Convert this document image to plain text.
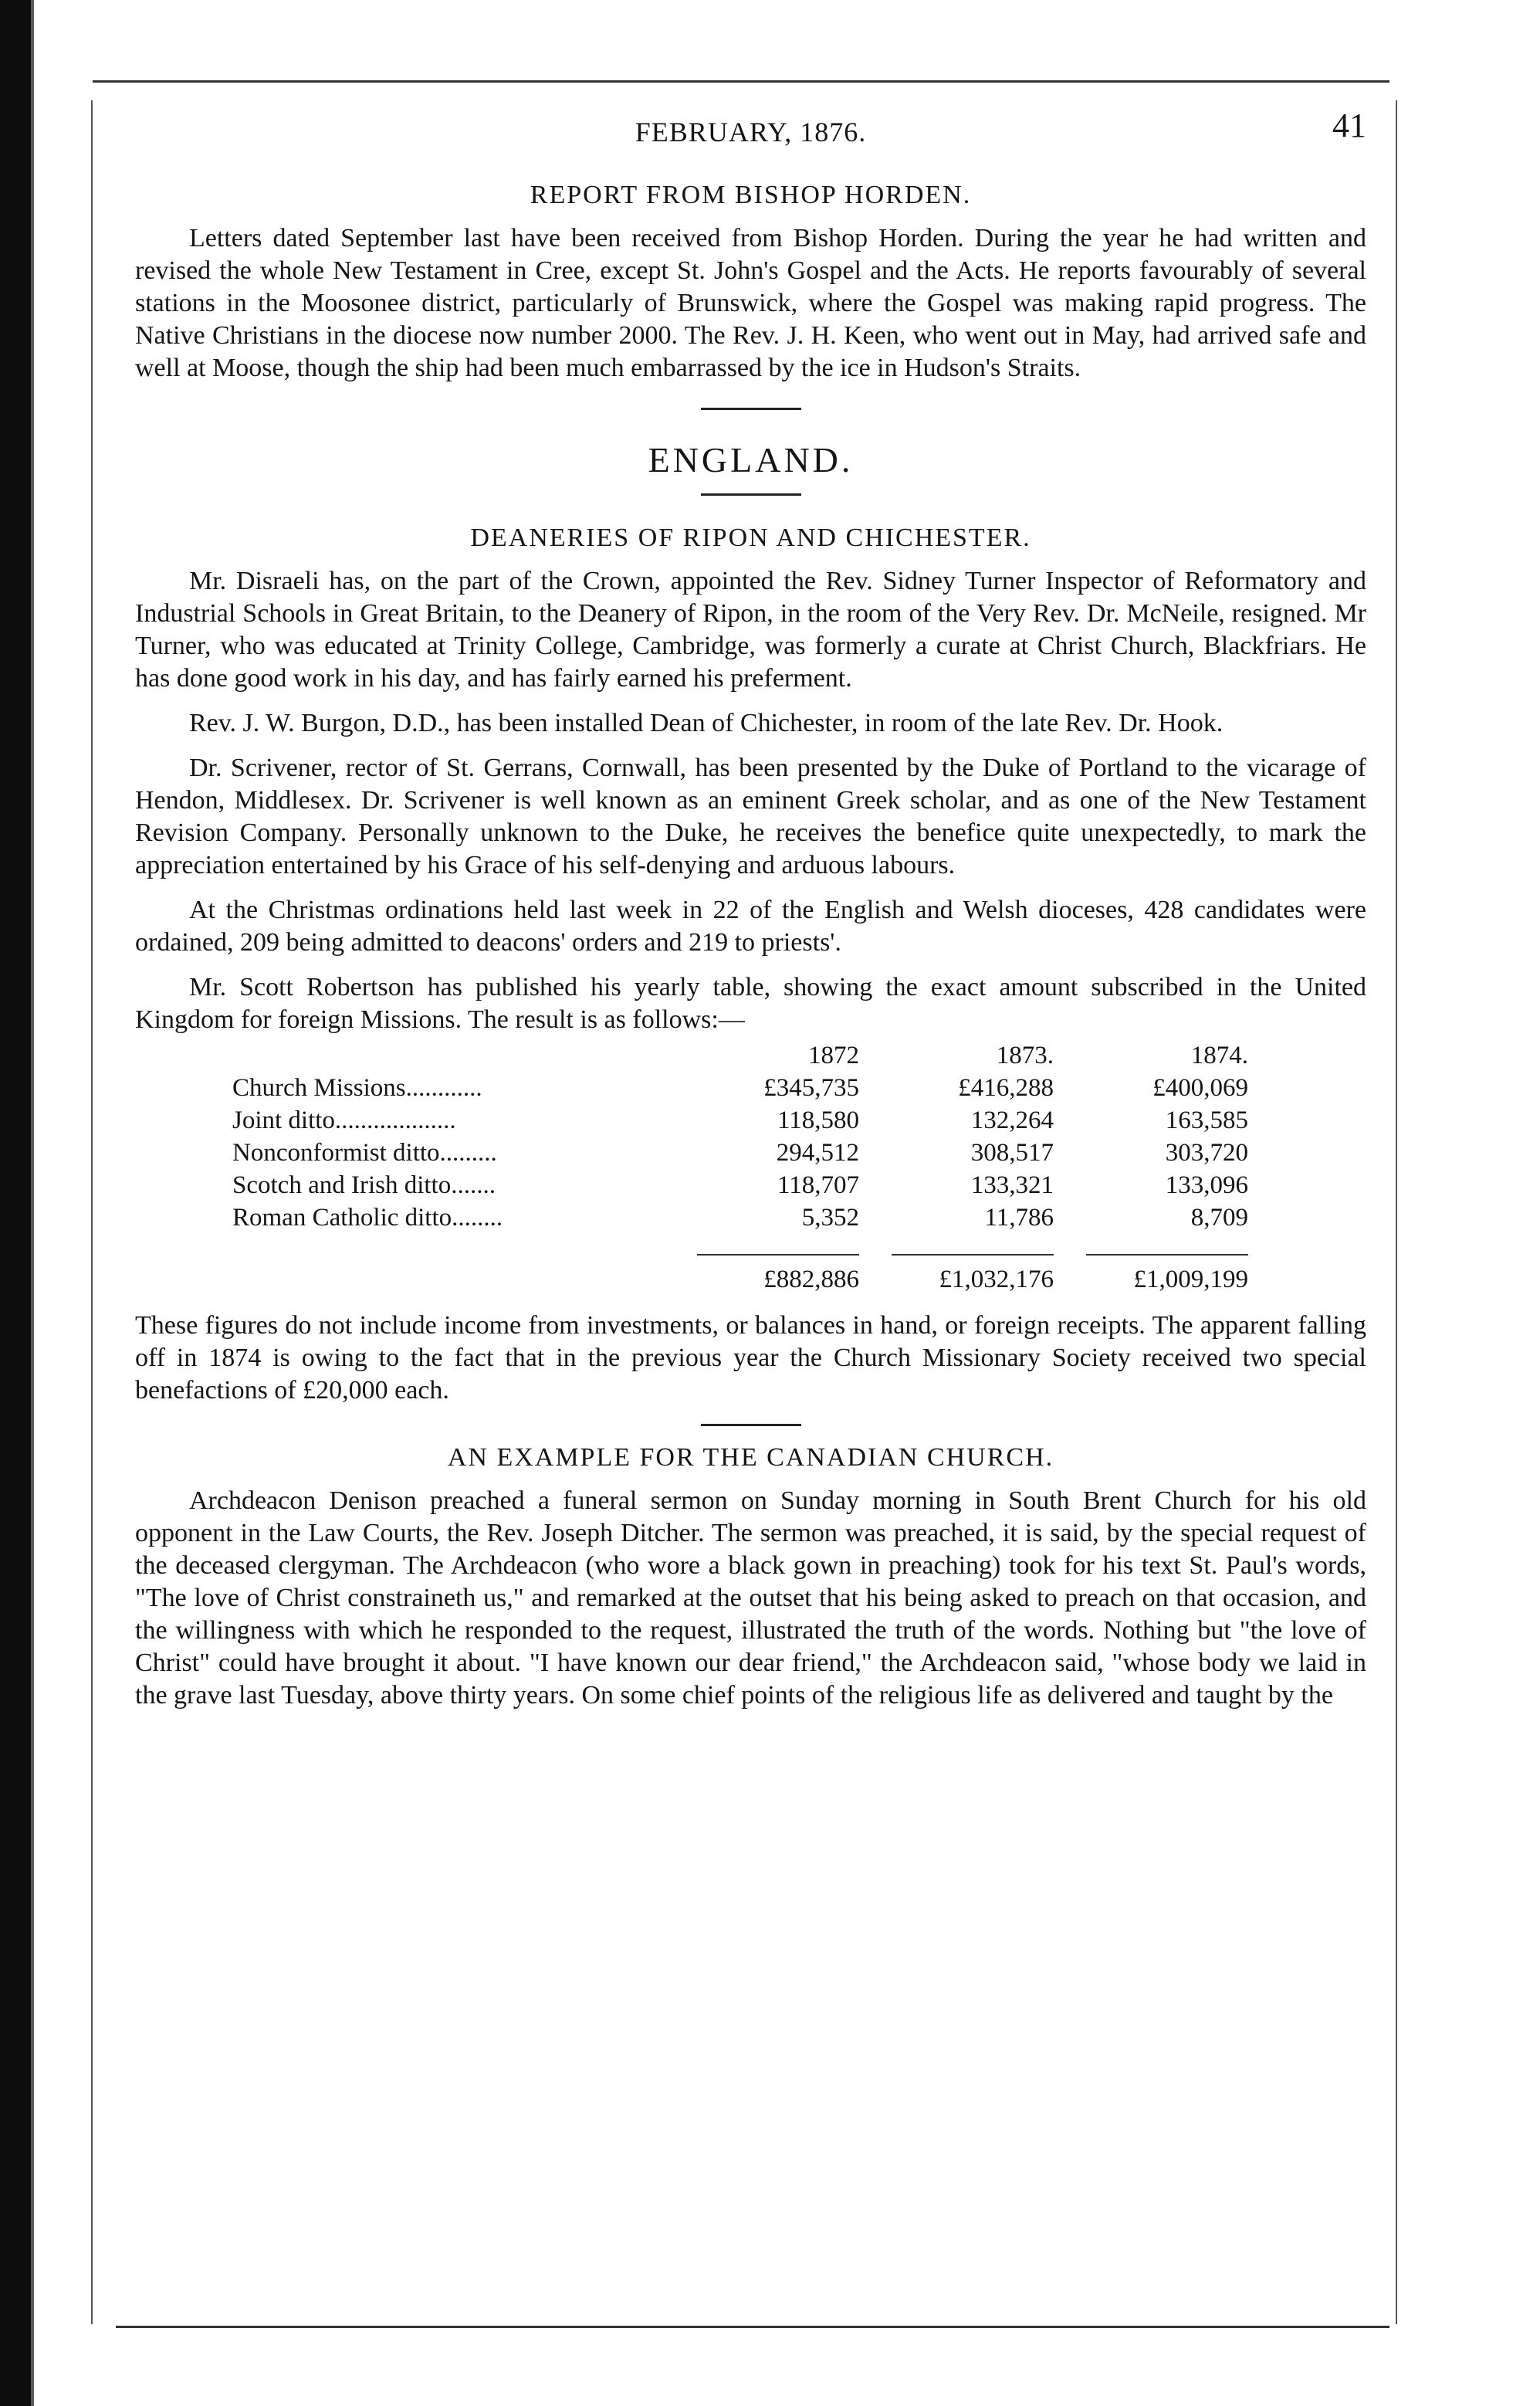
FEBRUARY, 1876.	41
REPORT FROM BISHOP HORDEN.

Letters dated September last have been received from Bishop Horden. During the year he had written and revised the whole New Testament in Cree, except St. John's Gospel and the Acts. He reports favourably of several stations in the Moosonee district, particularly of Brunswick, where the Gospel was making rapid progress. The Native Christians in the diocese now number 2000. The Rev. J. H. Keen, who went out in May, had arrived safe and well at Moose, though the ship had been much embarrassed by the ice in Hudson's Straits.

ENGLAND.
DEANERIES OF RIPON AND CHICHESTER.

Mr. Disraeli has, on the part of the Crown, appointed the Rev. Sidney Turner Inspector of Reformatory and Industrial Schools in Great Britain, to the Deanery of Ripon, in the room of the Very Rev. Dr. McNeile, resigned. Mr Turner, who was educated at Trinity College, Cambridge, was formerly a curate at Christ Church, Blackfriars. He has done good work in his day, and has fairly earned his preferment.

Rev. J. W. Burgon, D.D., has been installed Dean of Chichester, in room of the late Rev. Dr. Hook.

Dr. Scrivener, rector of St. Gerrans, Cornwall, has been presented by the Duke of Portland to the vicarage of Hendon, Middlesex. Dr. Scrivener is well known as an eminent Greek scholar, and as one of the New Testament Revision Company. Personally unknown to the Duke, he receives the benefice quite unexpectedly, to mark the appreciation entertained by his Grace of his self-denying and arduous labours.

At the Christmas ordinations held last week in 22 of the English and Welsh dioceses, 428 candidates were ordained, 209 being admitted to deacons' orders and 219 to priests'.

Mr. Scott Robertson has published his yearly table, showing the exact amount subscribed in the United Kingdom for foreign Missions. The result is as follows:—

	1872	1873.	1874.
Church Missions............	£345,735	£416,288	£400,069
Joint ditto...................	118,580	132,264	163,585
Nonconformist ditto.........	294,512	308,517	303,720
Scotch and Irish ditto.......	118,707	133,321	133,096
Roman Catholic ditto........	5,352	11,786	8,709
	£882,886	£1,032,176	£1,009,199

These figures do not include income from investments, or balances in hand, or foreign receipts. The apparent falling off in 1874 is owing to the fact that in the previous year the Church Missionary Society received two special benefactions of £20,000 each.

AN EXAMPLE FOR THE CANADIAN CHURCH.

Archdeacon Denison preached a funeral sermon on Sunday morning in South Brent Church for his old opponent in the Law Courts, the Rev. Joseph Ditcher. The sermon was preached, it is said, by the special request of the deceased clergyman. The Archdeacon (who wore a black gown in preaching) took for his text St. Paul's words, "The love of Christ constraineth us," and remarked at the outset that his being asked to preach on that occasion, and the willingness with which he responded to the request, illustrated the truth of the words. Nothing but "the love of Christ" could have brought it about. "I have known our dear friend," the Archdeacon said, "whose body we laid in the grave last Tuesday, above thirty years. On some chief points of the religious life as delivered and taught by the
